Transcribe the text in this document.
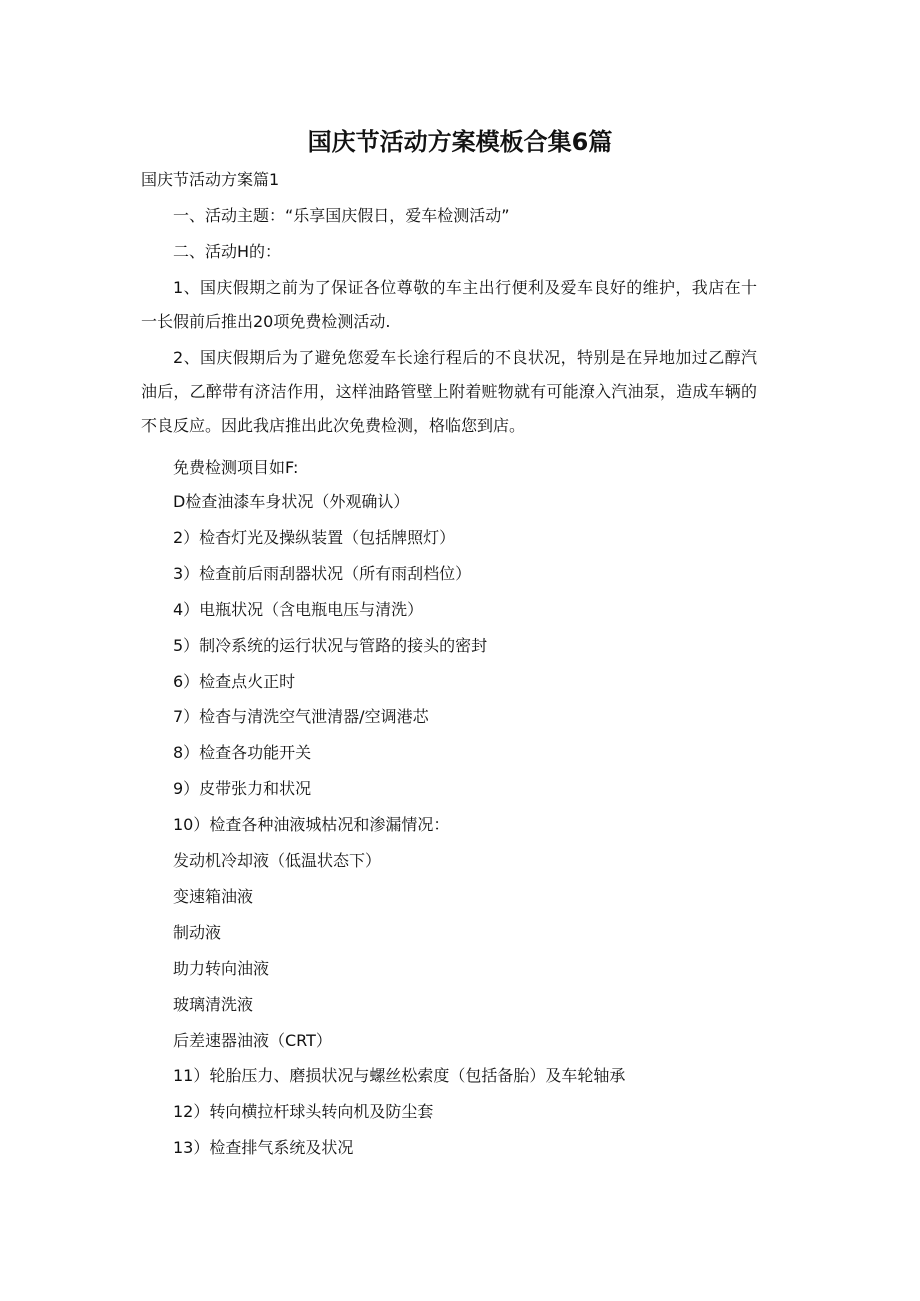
国庆节活动方案模板合集6篇
国庆节活动方案篇1
一、活动主题：“乐享国庆假日，爱车检测活动”
二、活动H的：
1、国庆假期之前为了保证各位尊敬的车主出行便利及爱车良好的维护，我店在十一长假前后推出20项免费检测活动.
2、国庆假期后为了避免您爱车长途行程后的不良状况，特别是在异地加过乙醇汽油后，乙醉带有济洁作用，这样油路管壁上附着赃物就有可能潦入汽油泵，造成车辆的不良反应。因此我店推出此次免费检测，格临您到店。
免费检测项目如F:
D检查油漆车身状况（外观确认）
2）检杳灯光及操纵装置（包括牌照灯）
3）检查前后雨刮器状况（所有雨刮档位）
4）电瓶状况（含电瓶电压与清洗）
5）制冷系统的运行状况与管路的接头的密封
6）检查点火正时
7）检杳与清洗空气泄清器/空调港芯
8）检查各功能开关
9）皮带张力和状况
10）检査各种油液城枯况和渗漏情况：
发动机冷却液（低温状态下）
变速箱油液
制动液
助力转向油液
玻璃清洗液
后差速器油液（CRT）
11）轮胎压力、磨损状况与螺丝松索度（包括备胎）及车轮轴承
12）转向横拉杆球头转向机及防尘套
13）检查排气系统及状况
